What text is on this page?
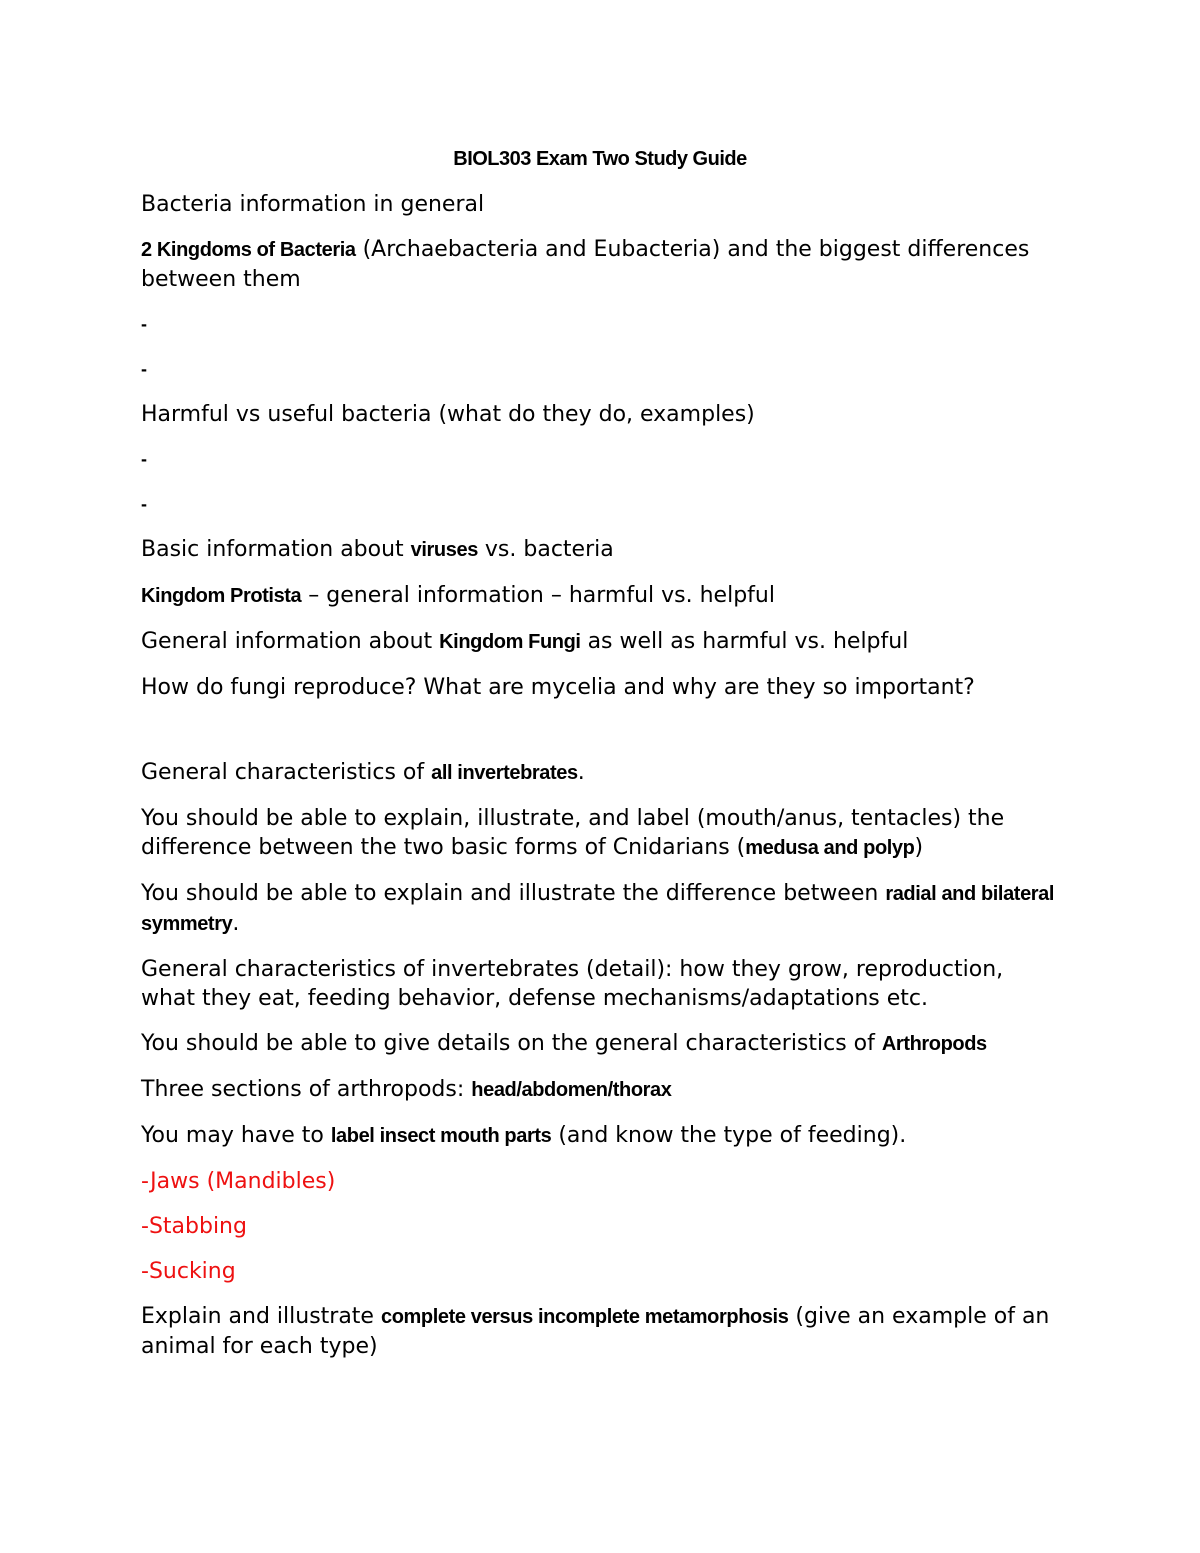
BIOL303 Exam Two Study Guide

Bacteria information in general

2 Kingdoms of Bacteria (Archaebacteria and Eubacteria) and the biggest differences between them

-
-

Harmful vs useful bacteria (what do they do, examples)

-
-

Basic information about viruses vs. bacteria

Kingdom Protista – general information – harmful vs. helpful

General information about Kingdom Fungi as well as harmful vs. helpful

How do fungi reproduce? What are mycelia and why are they so important?

General characteristics of all invertebrates.

You should be able to explain, illustrate, and label (mouth/anus, tentacles) the difference between the two basic forms of Cnidarians (medusa and polyp)

You should be able to explain and illustrate the difference between radial and bilateral symmetry.

General characteristics of invertebrates (detail): how they grow, reproduction, what they eat, feeding behavior, defense mechanisms/adaptations etc.

You should be able to give details on the general characteristics of Arthropods

Three sections of arthropods: head/abdomen/thorax

You may have to label insect mouth parts (and know the type of feeding).

-Jaws (Mandibles)

-Stabbing

-Sucking

Explain and illustrate complete versus incomplete metamorphosis (give an example of an animal for each type)
